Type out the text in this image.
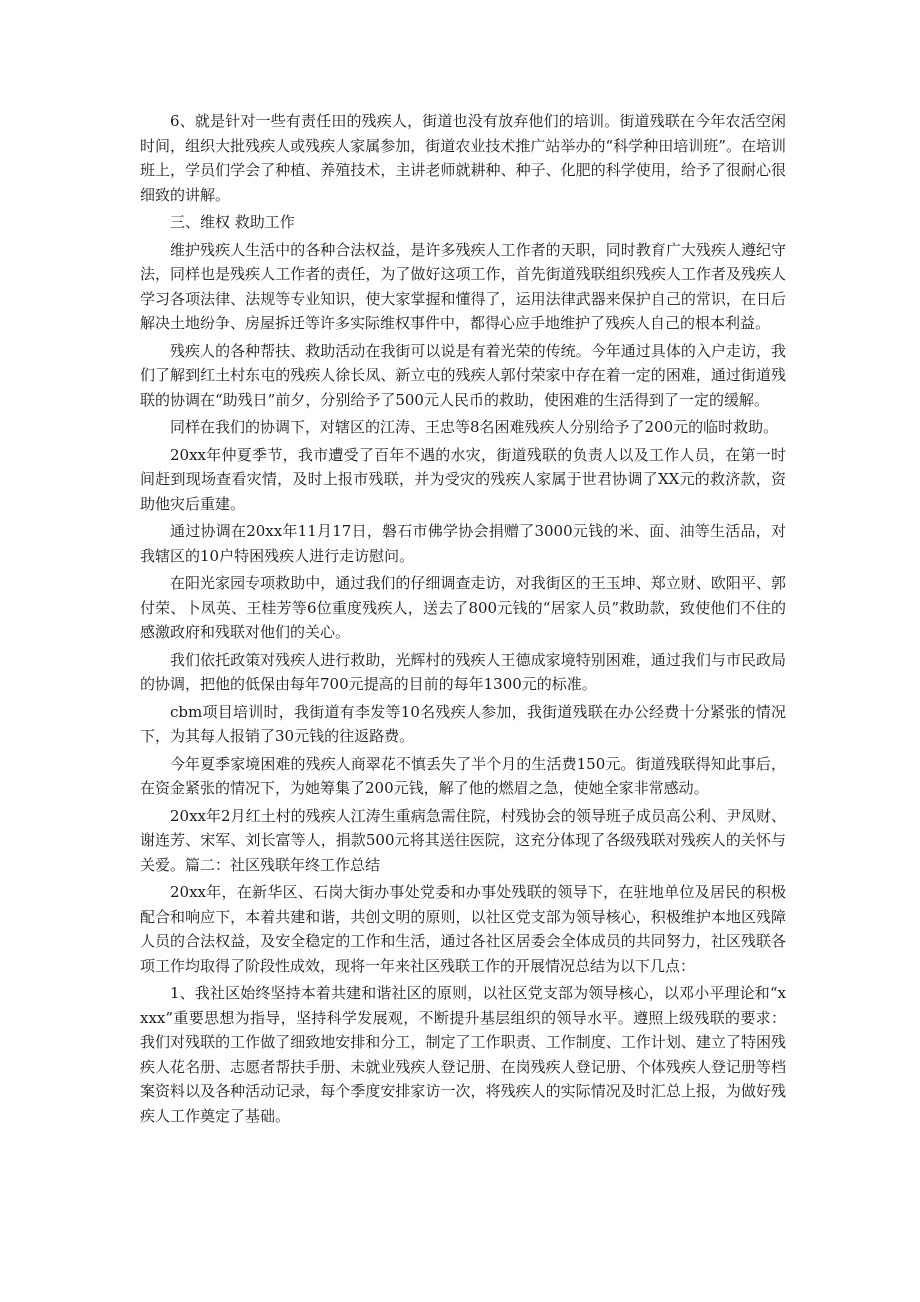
6、就是针对一些有责任田的残疾人，街道也没有放弃他们的培训。街道残联在今年农活空闲时间，组织大批残疾人或残疾人家属参加，街道农业技术推广站举办的“科学种田培训班”。在培训班上，学员们学会了种植、养殖技术，主讲老师就耕种、种子、化肥的科学使用，给予了很耐心很细致的讲解。

三、维权 救助工作

维护残疾人生活中的各种合法权益，是许多残疾人工作者的天职，同时教育广大残疾人遵纪守法，同样也是残疾人工作者的责任，为了做好这项工作，首先街道残联组织残疾人工作者及残疾人学习各项法律、法规等专业知识，使大家掌握和懂得了，运用法律武器来保护自己的常识，在日后解决土地纷争、房屋拆迁等许多实际维权事件中，都得心应手地维护了残疾人自己的根本利益。

残疾人的各种帮扶、救助活动在我街可以说是有着光荣的传统。今年通过具体的入户走访，我们了解到红土村东屯的残疾人徐长凤、新立屯的残疾人郭付荣家中存在着一定的困难，通过街道残联的协调在“助残日”前夕，分别给予了500元人民币的救助，使困难的生活得到了一定的缓解。

同样在我们的协调下，对辖区的江涛、王忠等8名困难残疾人分别给予了200元的临时救助。

20xx年仲夏季节，我市遭受了百年不遇的水灾，街道残联的负责人以及工作人员，在第一时间赶到现场查看灾情，及时上报市残联，并为受灾的残疾人家属于世君协调了XX元的救济款，资助他灾后重建。

通过协调在20xx年11月17日，磐石市佛学协会捐赠了3000元钱的米、面、油等生活品，对我辖区的10户特困残疾人进行走访慰问。

在阳光家园专项救助中，通过我们的仔细调查走访，对我街区的王玉坤、郑立财、欧阳平、郭付荣、卜凤英、王桂芳等6位重度残疾人，送去了800元钱的“居家人员”救助款，致使他们不住的感激政府和残联对他们的关心。

我们依托政策对残疾人进行救助，光辉村的残疾人王德成家境特别困难，通过我们与市民政局的协调，把他的低保由每年700元提高的目前的每年1300元的标准。

cbm项目培训时，我街道有李发等10名残疾人参加，我街道残联在办公经费十分紧张的情况下，为其每人报销了30元钱的往返路费。

今年夏季家境困难的残疾人商翠花不慎丢失了半个月的生活费150元。街道残联得知此事后，在资金紧张的情况下，为她筹集了200元钱，解了他的燃眉之急，使她全家非常感动。

20xx年2月红土村的残疾人江涛生重病急需住院，村残协会的领导班子成员高公利、尹凤财、谢连芳、宋军、刘长富等人，捐款500元将其送往医院，这充分体现了各级残联对残疾人的关怀与关爱。篇二：社区残联年终工作总结

20xx年，在新华区、石岗大街办事处党委和办事处残联的领导下，在驻地单位及居民的积极配合和响应下，本着共建和谐，共创文明的原则，以社区党支部为领导核心，积极维护本地区残障人员的合法权益，及安全稳定的工作和生活，通过各社区居委会全体成员的共同努力，社区残联各项工作均取得了阶段性成效，现将一年来社区残联工作的开展情况总结为以下几点：

1、我社区始终坚持本着共建和谐社区的原则，以社区党支部为领导核心，以邓小平理论和“xxxx”重要思想为指导，坚持科学发展观，不断提升基层组织的领导水平。遵照上级残联的要求：我们对残联的工作做了细致地安排和分工，制定了工作职责、工作制度、工作计划、建立了特困残疾人花名册、志愿者帮扶手册、未就业残疾人登记册、在岗残疾人登记册、个体残疾人登记册等档案资料以及各种活动记录，每个季度安排家访一次，将残疾人的实际情况及时汇总上报，为做好残疾人工作奠定了基础。
